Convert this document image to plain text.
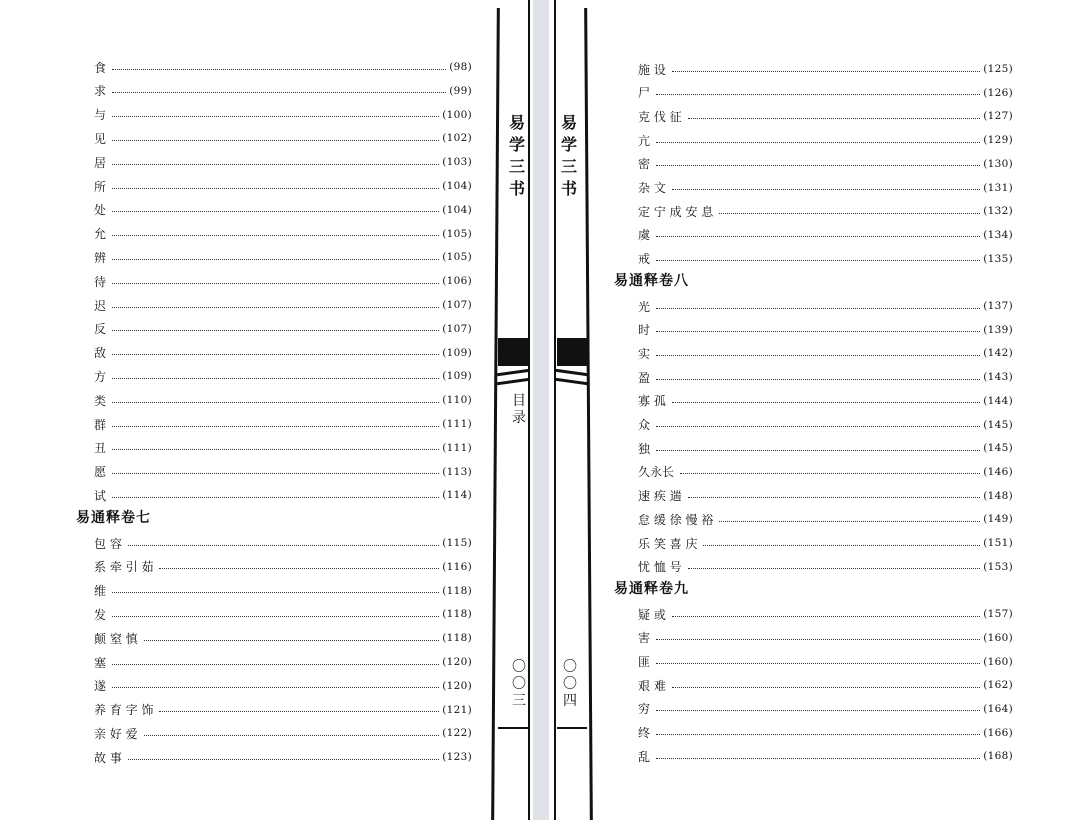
食	(98)
求	(99)
与	(100)
见	(102)
居	(103)
所	(104)
处	(104)
允	(105)
辨	(105)
待	(106)
迟	(107)
反	(107)
敌	(109)
方	(109)
类	(110)
群	(111)
丑	(111)
愿	(113)
试	(114)
易通释卷七
包 容	(115)
系 牵 引 茹	(116)
维	(118)
发	(118)
颠 窒 慎	(118)
塞	(120)
遂	(120)
养 育 字 饰	(121)
亲 好 爱	(122)
故 事	(123)
易学三书
目录
〇〇三
易学三书
〇〇四
施 设	(125)
尸	(126)
克 伐 征	(127)
亢	(129)
密	(130)
杂 文	(131)
定 宁 成 安 息	(132)
虞	(134)
戒	(135)
易通释卷八
光	(137)
时	(139)
实	(142)
盈	(143)
寡 孤	(144)
众	(145)
独	(145)
久永长	(146)
速 疾 遄	(148)
怠 缓 徐 慢 裕	(149)
乐 笑 喜 庆	(151)
忧 恤 号	(153)
易通释卷九
疑 或	(157)
害	(160)
匪	(160)
艰 难	(162)
穷	(164)
终	(166)
乱	(168)
